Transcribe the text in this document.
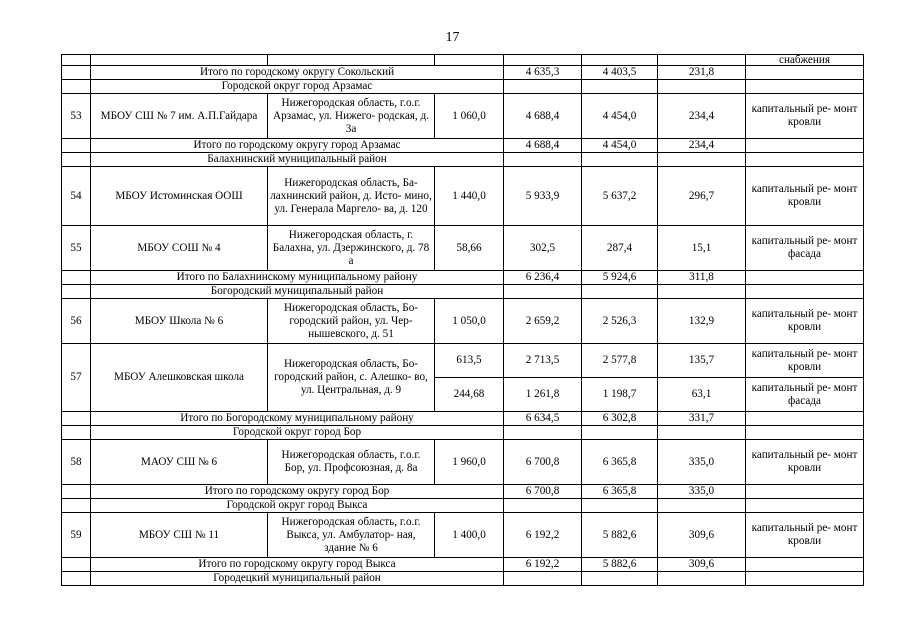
17
							снабжения
	Итого по городскому округу Сокольский			4 635,3	4 403,5	231,8	
	Городской округ город Арзамас						
53	МБОУ СШ № 7 им. А.П.Гайдара	Нижегородская область, г.о.г. Арзамас, ул. Нижего- родская, д. 3а	1 060,0	4 688,4	4 454,0	234,4	капитальный ре- монт кровли
	Итого по городскому округу город Арзамас			4 688,4	4 454,0	234,4	
	Балахнинский муниципальный район						
54	МБОУ Истоминская ООШ	Нижегородская область, Ба- лахнинский район, д. Исто- мино, ул. Генерала Маргело- ва, д. 120	1 440,0	5 933,9	5 637,2	296,7	капитальный ре- монт кровли
55	МБОУ СОШ № 4	Нижегородская область, г. Балахна, ул. Дзержинского, д. 78 а	58,66	302,5	287,4	15,1	капитальный ре- монт фасада
	Итого по Балахнинскому муниципальному району			6 236,4	5 924,6	311,8	
	Богородский муниципальный район						
56	МБОУ Школа № 6	Нижегородская область, Бо- городский район, ул. Чер- нышевского, д. 51	1 050,0	2 659,2	2 526,3	132,9	капитальный ре- монт кровли
57	МБОУ Алешковская школа	Нижегородская область, Бо- городский район, с. Алешко- во, ул. Центральная, д. 9	613,5	2 713,5	2 577,8	135,7	капитальный ре- монт кровли
			244,68	1 261,8	1 198,7	63,1	капитальный ре- монт фасада
	Итого по Богородскому муниципальному району			6 634,5	6 302,8	331,7	
	Городской округ город Бор						
58	МАОУ СШ № 6	Нижегородская область, г.о.г. Бор, ул. Профсоюзная, д. 8а	1 960,0	6 700,8	6 365,8	335,0	капитальный ре- монт кровли
	Итого по городскому округу город Бор			6 700,8	6 365,8	335,0	
	Городской округ город Выкса						
59	МБОУ СШ № 11	Нижегородская область, г.о.г. Выкса, ул. Амбулатор- ная, здание № 6	1 400,0	6 192,2	5 882,6	309,6	капитальный ре- монт кровли
	Итого по городскому округу город Выкса			6 192,2	5 882,6	309,6	
	Городецкий муниципальный район						
